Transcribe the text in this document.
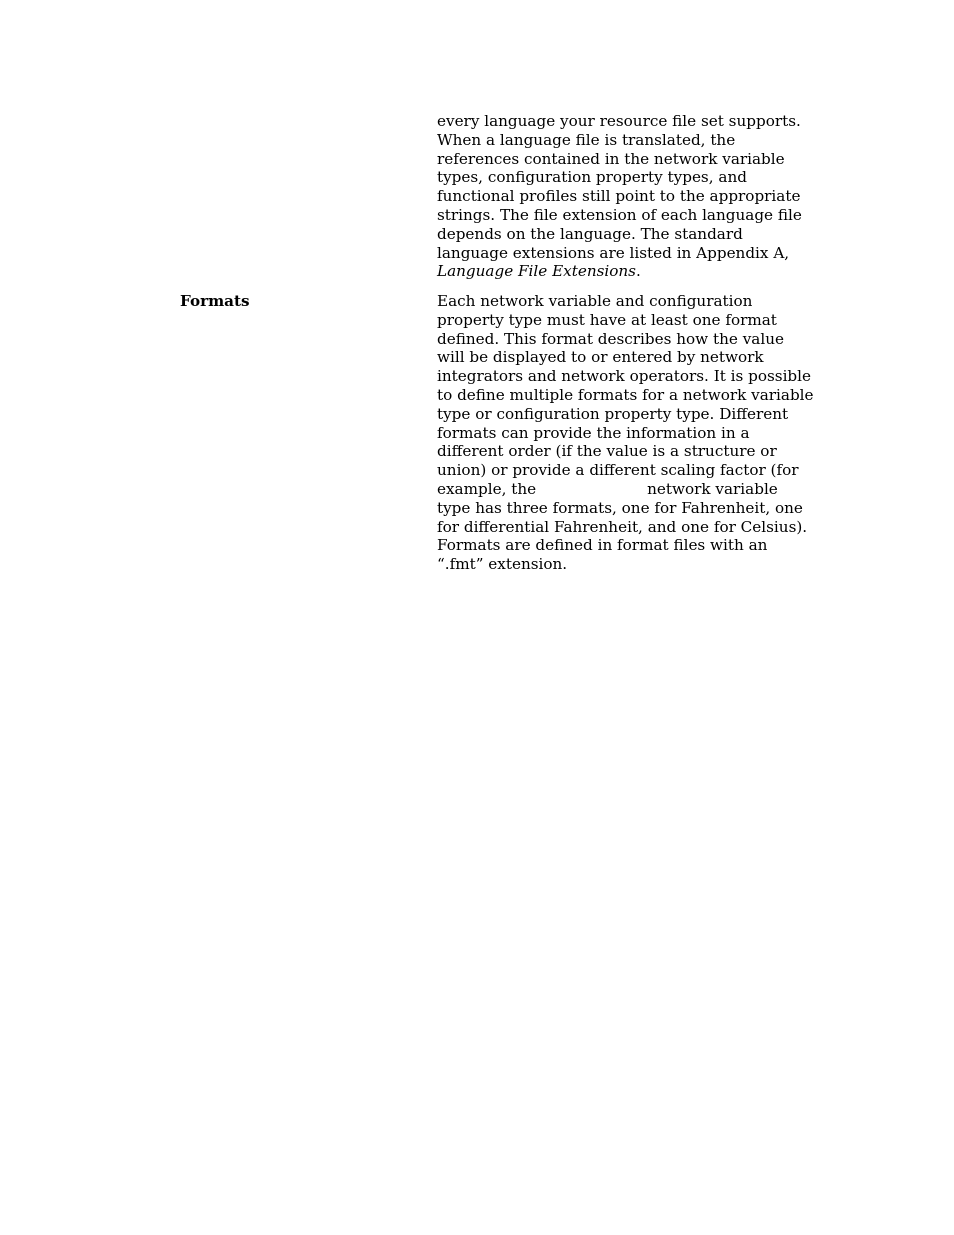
every language your resource file set supports.
When a language file is translated, the
references contained in the network variable
types, configuration property types, and
functional profiles still point to the appropriate
strings. The file extension of each language file
depends on the language. The standard
language extensions are listed in Appendix A,
Language File Extensions.
Formats	Each network variable and configuration
property type must have at least one format
defined. This format describes how the value
will be displayed to or entered by network
integrators and network operators. It is possible
to define multiple formats for a network variable
type or configuration property type. Different
formats can provide the information in a
different order (if the value is a structure or
union) or provide a different scaling factor (for
example, the	network variable
type has three formats, one for Fahrenheit, one
for differential Fahrenheit, and one for Celsius).
Formats are defined in format files with an
“.fmt” extension.
